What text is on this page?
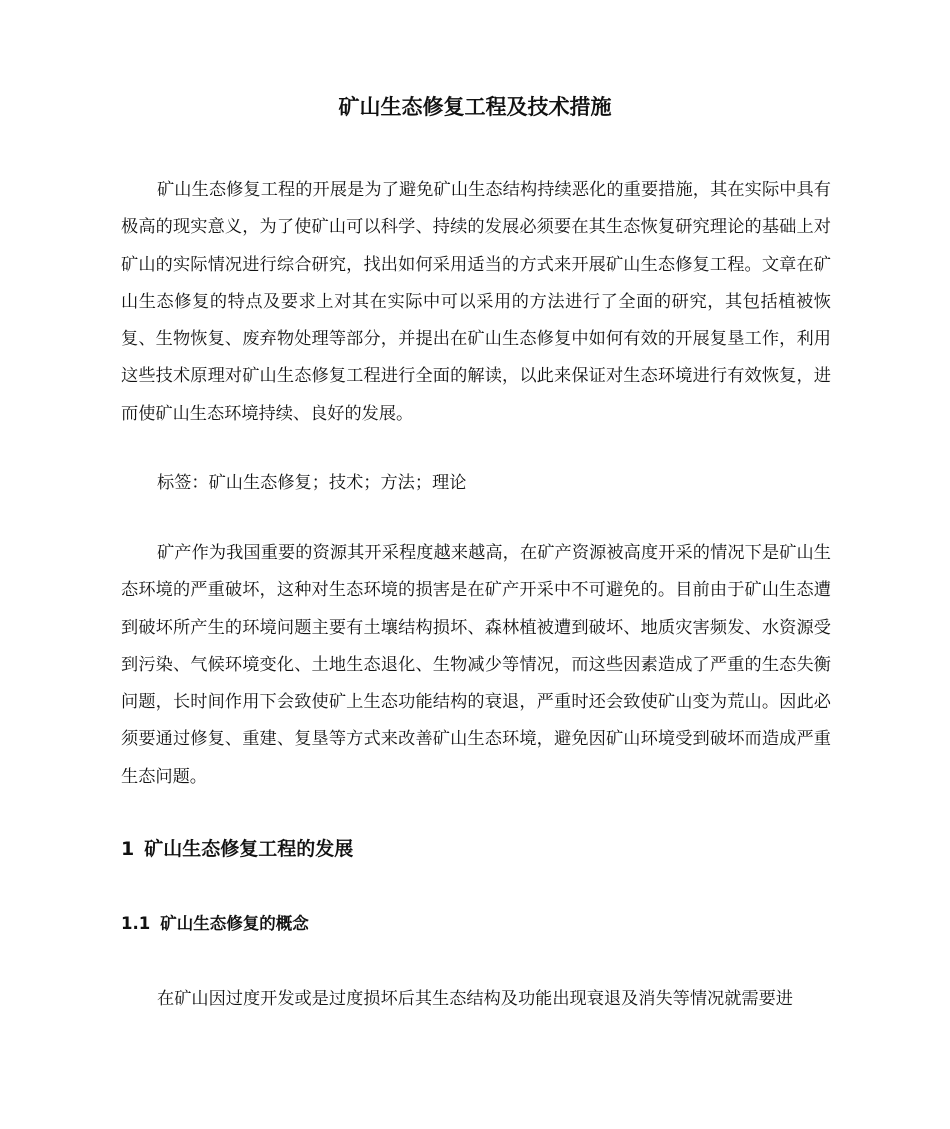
矿山生态修复工程及技术措施

矿山生态修复工程的开展是为了避免矿山生态结构持续恶化的重要措施，其在实际中具有极高的现实意义，为了使矿山可以科学、持续的发展必须要在其生态恢复研究理论的基础上对矿山的实际情况进行综合研究，找出如何采用适当的方式来开展矿山生态修复工程。文章在矿山生态修复的特点及要求上对其在实际中可以采用的方法进行了全面的研究，其包括植被恢复、生物恢复、废弃物处理等部分，并提出在矿山生态修复中如何有效的开展复垦工作，利用这些技术原理对矿山生态修复工程进行全面的解读，以此来保证对生态环境进行有效恢复，进而使矿山生态环境持续、良好的发展。

标签：矿山生态修复；技术；方法；理论

矿产作为我国重要的资源其开采程度越来越高，在矿产资源被高度开采的情况下是矿山生态环境的严重破坏，这种对生态环境的损害是在矿产开采中不可避免的。目前由于矿山生态遭到破坏所产生的环境问题主要有土壤结构损坏、森林植被遭到破坏、地质灾害频发、水资源受到污染、气候环境变化、土地生态退化、生物减少等情况，而这些因素造成了严重的生态失衡问题，长时间作用下会致使矿上生态功能结构的衰退，严重时还会致使矿山变为荒山。因此必须要通过修复、重建、复垦等方式来改善矿山生态环境，避免因矿山环境受到破坏而造成严重生态问题。

1 矿山生态修复工程的发展
1.1 矿山生态修复的概念

在矿山因过度开发或是过度损坏后其生态结构及功能出现衰退及消失等情况就需要进
